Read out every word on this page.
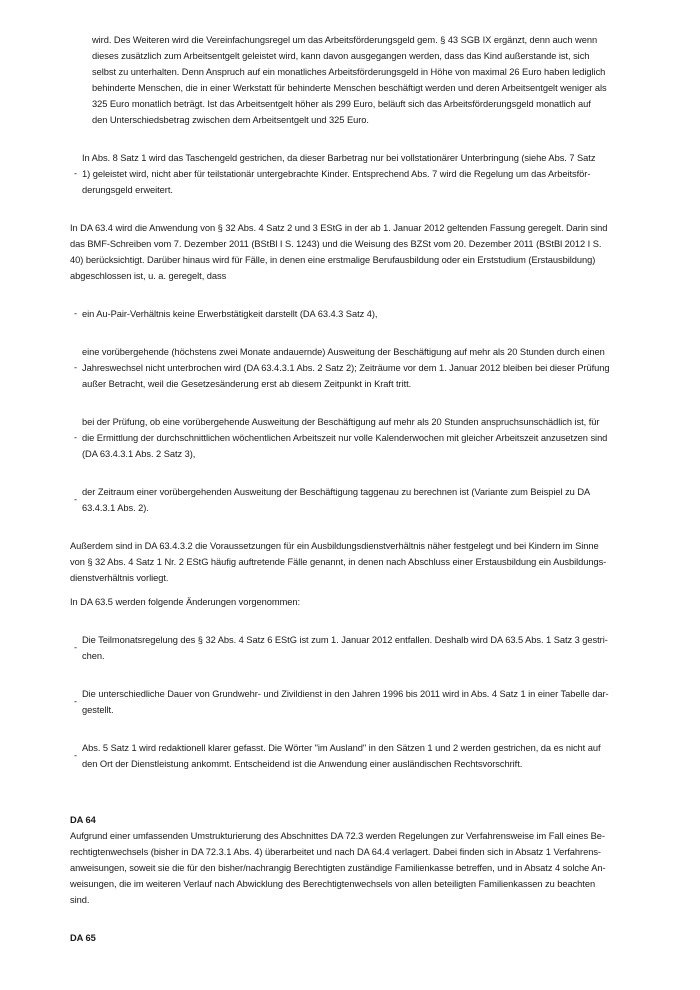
wird. Des Weiteren wird die Vereinfachungsregel um das Arbeitsförderungsgeld gem. § 43 SGB IX ergänzt, denn auch wenn
dieses zusätzlich zum Arbeitsentgelt geleistet wird, kann davon ausgegangen werden, dass das Kind außerstande ist, sich
selbst zu unterhalten. Denn Anspruch auf ein monatliches Arbeitsförderungsgeld in Höhe von maximal 26 Euro haben lediglich
behinderte Menschen, die in einer Werkstatt für behinderte Menschen beschäftigt werden und deren Arbeitsentgelt weniger als
325 Euro monatlich beträgt. Ist das Arbeitsentgelt höher als 299 Euro, beläuft sich das Arbeitsförderungsgeld monatlich auf
den Unterschiedsbetrag zwischen dem Arbeitsentgelt und 325 Euro.
-
In Abs. 8 Satz 1 wird das Taschengeld gestrichen, da dieser Barbetrag nur bei vollstationärer Unterbringung (siehe Abs. 7 Satz
1) geleistet wird, nicht aber für teilstationär untergebrachte Kinder. Entsprechend Abs. 7 wird die Regelung um das Arbeitsför-
derungsgeld erweitert.
In DA 63.4 wird die Anwendung von § 32 Abs. 4 Satz 2 und 3 EStG in der ab 1. Januar 2012 geltenden Fassung geregelt. Darin sind
das BMF-Schreiben vom 7. Dezember 2011 (BStBl I S. 1243) und die Weisung des BZSt vom 20. Dezember 2011 (BStBl 2012 I S.
40) berücksichtigt. Darüber hinaus wird für Fälle, in denen eine erstmalige Berufausbildung oder ein Erststudium (Erstausbildung)
abgeschlossen ist, u. a. geregelt, dass
- ein Au-Pair-Verhältnis keine Erwerbstätigkeit darstellt (DA 63.4.3 Satz 4),
-
eine vorübergehende (höchstens zwei Monate andauernde) Ausweitung der Beschäftigung auf mehr als 20 Stunden durch einen
Jahreswechsel nicht unterbrochen wird (DA 63.4.3.1 Abs. 2 Satz 2); Zeiträume vor dem 1. Januar 2012 bleiben bei dieser Prüfung
außer Betracht, weil die Gesetzesänderung erst ab diesem Zeitpunkt in Kraft tritt.
-
bei der Prüfung, ob eine vorübergehende Ausweitung der Beschäftigung auf mehr als 20 Stunden anspruchsunschädlich ist, für
die Ermittlung der durchschnittlichen wöchentlichen Arbeitszeit nur volle Kalenderwochen mit gleicher Arbeitszeit anzusetzen sind
(DA 63.4.3.1 Abs. 2 Satz 3),
-
der Zeitraum einer vorübergehenden Ausweitung der Beschäftigung taggenau zu berechnen ist (Variante zum Beispiel zu DA
63.4.3.1 Abs. 2).
Außerdem sind in DA 63.4.3.2 die Voraussetzungen für ein Ausbildungsdienstverhältnis näher festgelegt und bei Kindern im Sinne
von § 32 Abs. 4 Satz 1 Nr. 2 EStG häufig auftretende Fälle genannt, in denen nach Abschluss einer Erstausbildung ein Ausbildungs-
dienstverhältnis vorliegt.
In DA 63.5 werden folgende Änderungen vorgenommen:
-
Die Teilmonatsregelung des § 32 Abs. 4 Satz 6 EStG ist zum 1. Januar 2012 entfallen. Deshalb wird DA 63.5 Abs. 1 Satz 3 gestri-
chen.
-
Die unterschiedliche Dauer von Grundwehr- und Zivildienst in den Jahren 1996 bis 2011 wird in Abs. 4 Satz 1 in einer Tabelle dar-
gestellt.
-
Abs. 5 Satz 1 wird redaktionell klarer gefasst. Die Wörter "im Ausland" in den Sätzen 1 und 2 werden gestrichen, da es nicht auf
den Ort der Dienstleistung ankommt. Entscheidend ist die Anwendung einer ausländischen Rechtsvorschrift.
DA 64
Aufgrund einer umfassenden Umstrukturierung des Abschnittes DA 72.3 werden Regelungen zur Verfahrensweise im Fall eines Be-
rechtigtenwechsels (bisher in DA 72.3.1 Abs. 4) überarbeitet und nach DA 64.4 verlagert. Dabei finden sich in Absatz 1 Verfahrens-
anweisungen, soweit sie die für den bisher/nachrangig Berechtigten zuständige Familienkasse betreffen, und in Absatz 4 solche An-
weisungen, die im weiteren Verlauf nach Abwicklung des Berechtigtenwechsels von allen beteiligten Familienkassen zu beachten
sind.
DA 65
